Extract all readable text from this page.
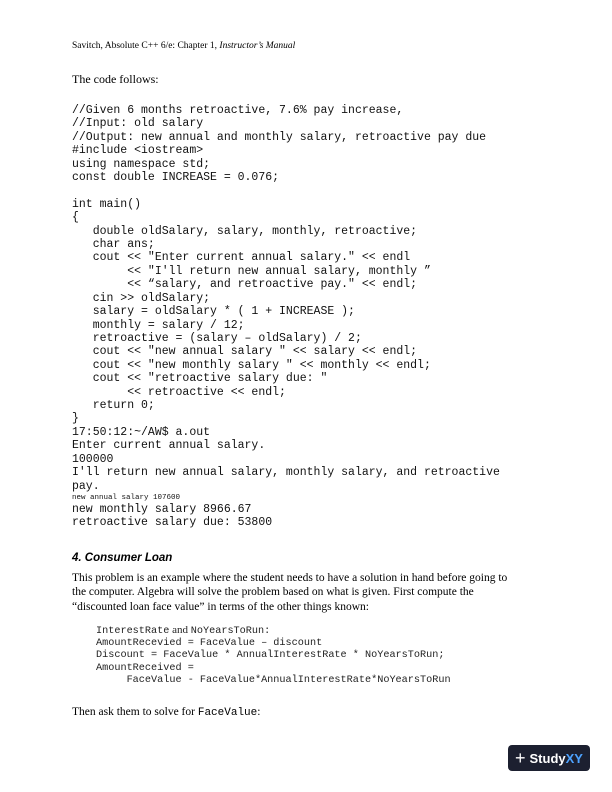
Savitch, Absolute C++ 6/e: Chapter 1, Instructor’s Manual
The code follows:
//Given 6 months retroactive, 7.6% pay increase,
//Input: old salary
//Output: new annual and monthly salary, retroactive pay due
#include <iostream>
using namespace std;
const double INCREASE = 0.076;

int main()
{
double oldSalary, salary, monthly, retroactive;
char ans;
cout << "Enter current annual salary." << endl
<< "I'll return new annual salary, monthly ”
<< “salary, and retroactive pay." << endl;
cin >> oldSalary;
salary = oldSalary * ( 1 + INCREASE );
monthly = salary / 12;
retroactive = (salary – oldSalary) / 2;
cout << "new annual salary " << salary << endl;
cout << "new monthly salary " << monthly << endl;
cout << "retroactive salary due: "
<< retroactive << endl;
return 0;
}
17:50:12:~/AW$ a.out
Enter current annual salary.
100000
I'll return new annual salary, monthly salary, and retroactive
pay.
new annual salary 107600
new monthly salary 8966.67
retroactive salary due: 53800
4. Consumer Loan
This problem is an example where the student needs to have a solution in hand before going to
the computer. Algebra will solve the problem based on what is given. First compute the
“discounted loan face value” in terms of the other things known:
InterestRate and NoYearsToRun:
AmountRecevied = FaceValue – discount
Discount = FaceValue * AnnualInterestRate * NoYearsToRun;
AmountReceived =
FaceValue - FaceValue*AnnualInterestRate*NoYearsToRun
Then ask them to solve for FaceValue:
+ Study XY
